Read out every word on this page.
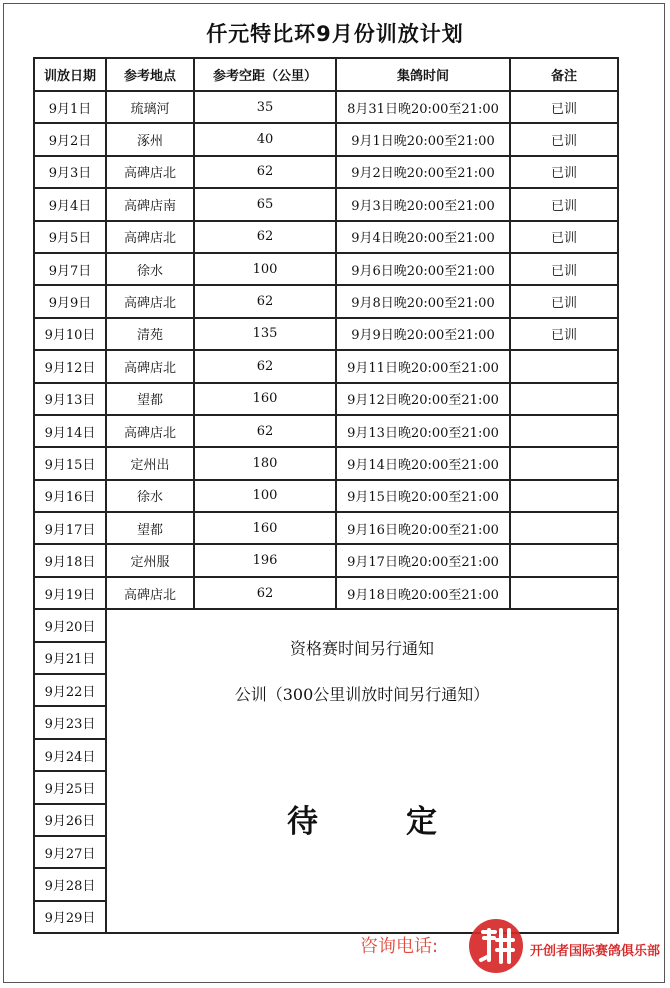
仟元特比环9月份训放计划
训放日期	参考地点	参考空距（公里）	集鸽时间	备注
9月1日	琉璃河	35	8月31日晚20:00至21:00	已训
9月2日	涿州	40	9月1日晚20:00至21:00	已训
9月3日	高碑店北	62	9月2日晚20:00至21:00	已训
9月4日	高碑店南	65	9月3日晚20:00至21:00	已训
9月5日	高碑店北	62	9月4日晚20:00至21:00	已训
9月7日	徐水	100	9月6日晚20:00至21:00	已训
9月9日	高碑店北	62	9月8日晚20:00至21:00	已训
9月10日	清苑	135	9月9日晚20:00至21:00	已训
9月12日	高碑店北	62	9月11日晚20:00至21:00	
9月13日	望都	160	9月12日晚20:00至21:00	
9月14日	高碑店北	62	9月13日晚20:00至21:00	
9月15日	定州出	180	9月14日晚20:00至21:00	
9月16日	徐水	100	9月15日晚20:00至21:00	
9月17日	望都	160	9月16日晚20:00至21:00	
9月18日	定州服	196	9月17日晚20:00至21:00	
9月19日	高碑店北	62	9月18日晚20:00至21:00	
9月20日	资格赛时间另行通知
公训（300公里训放时间另行通知）
待 定			

9月21日				
9月22日				
9月23日				
9月24日				
9月25日				
9月26日				
9月27日				
9月28日				
9月29日				
咨询电话:	开创者国际赛鸽俱乐部
